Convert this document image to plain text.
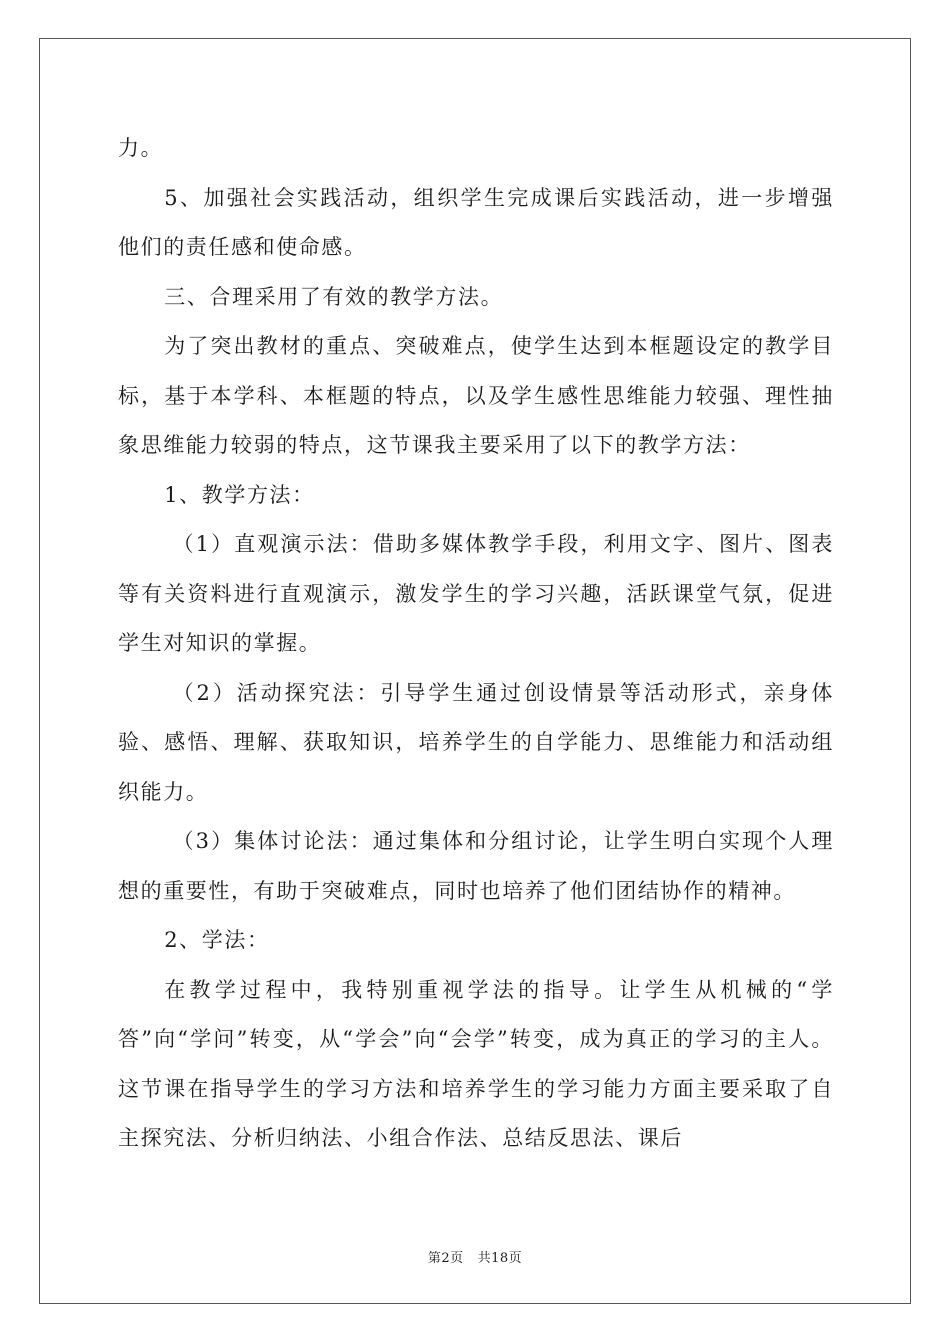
力。

5、加强社会实践活动，组织学生完成课后实践活动，进一步增强他们的责任感和使命感。

三、合理采用了有效的教学方法。

为了突出教材的重点、突破难点，使学生达到本框题设定的教学目标，基于本学科、本框题的特点，以及学生感性思维能力较强、理性抽象思维能力较弱的特点，这节课我主要采用了以下的教学方法：

1、教学方法：

（1）直观演示法：借助多媒体教学手段，利用文字、图片、图表等有关资料进行直观演示，激发学生的学习兴趣，活跃课堂气氛，促进学生对知识的掌握。

（2）活动探究法：引导学生通过创设情景等活动形式，亲身体验、感悟、理解、获取知识，培养学生的自学能力、思维能力和活动组织能力。

（3）集体讨论法：通过集体和分组讨论，让学生明白实现个人理想的重要性，有助于突破难点，同时也培养了他们团结协作的精神。

2、学法：

在教学过程中，我特别重视学法的指导。让学生从机械的“学答”向“学问”转变，从“学会”向“会学”转变，成为真正的学习的主人。这节课在指导学生的学习方法和培养学生的学习能力方面主要采取了自主探究法、分析归纳法、小组合作法、总结反思法、课后

第2页 共18页
